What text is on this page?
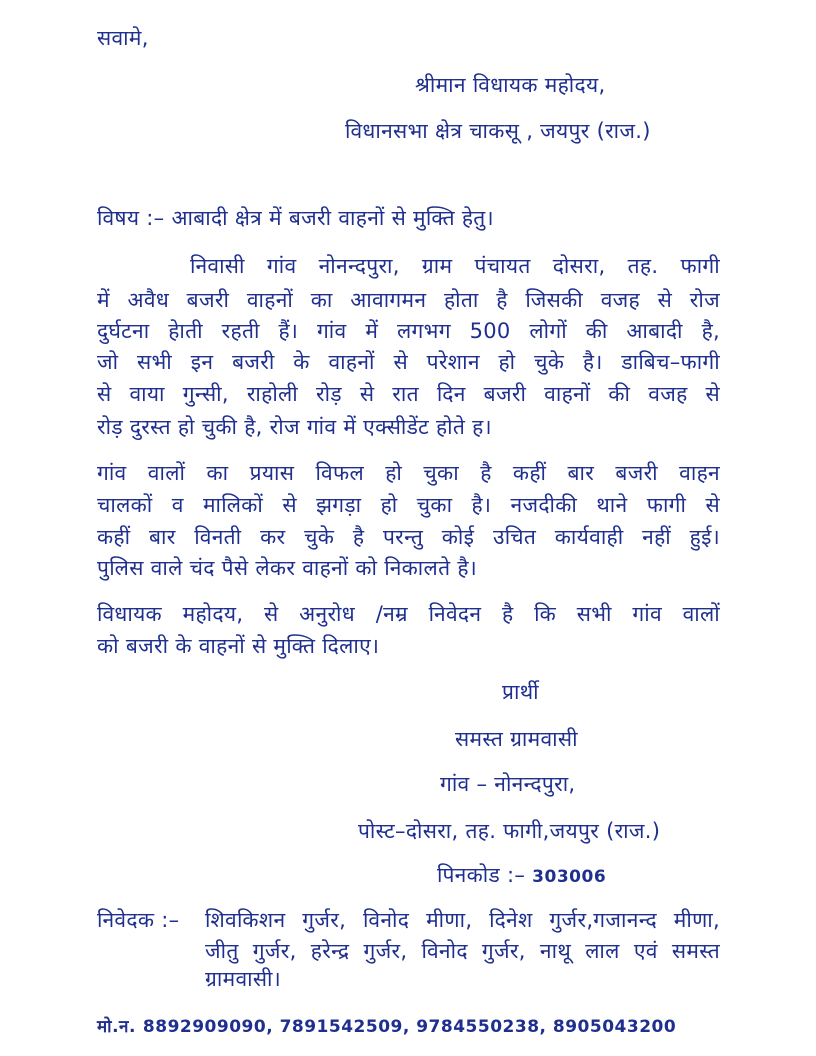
सवामे,
श्रीमान विधायक महोदय,
विधानसभा क्षेत्र चाकसू , जयपुर (राज.)
विषय :– आबादी क्षेत्र में बजरी वाहनों से मुक्ति हेतु।
निवासी गांव नोनन्दपुरा, ग्राम पंचायत दोसरा, तह. फागी
में अवैध बजरी वाहनों का आवागमन होता है जिसकी वजह से रोज
दुर्घटना हेाती रहती हैं। गांव में लगभग 500 लोगों की आबादी है,
जो सभी इन बजरी के वाहनों से परेशान हो चुके है। डाबिच–फागी
से वाया गुन्सी, राहोली रोड़ से रात दिन बजरी वाहनों की वजह से
रोड़ दुरस्त हो चुकी है, रोज गांव में एक्सीडेंट होते ह।
गांव वालों का प्रयास विफल हो चुका है कहीं बार बजरी वाहन
चालकों व मालिकों से झगड़ा हो चुका है। नजदीकी थाने फागी से
कहीं बार विनती कर चुके है परन्तु कोई उचित कार्यवाही नहीं हुई।
पुलिस वाले चंद पैसे लेकर वाहनों को निकालते है।
विधायक महोदय, से अनुरोध /नम्र निवेदन है कि सभी गांव वालों
को बजरी के वाहनों से मुक्ति दिलाए।
प्रार्थी
समस्त ग्रामवासी
गांव – नोनन्दपुरा,
पोस्ट–दोसरा, तह. फागी,जयपुर (राज.)
पिनकोड :– 303006
निवेदक :– शिवकिशन गुर्जर, विनोद मीणा, दिनेश गुर्जर,गजानन्द मीणा,
जीतु गुर्जर, हरेन्द्र गुर्जर, विनोद गुर्जर, नाथू लाल एवं समस्त
ग्रामवासी।
मो.न. 8892909090, 7891542509, 9784550238, 8905043200
